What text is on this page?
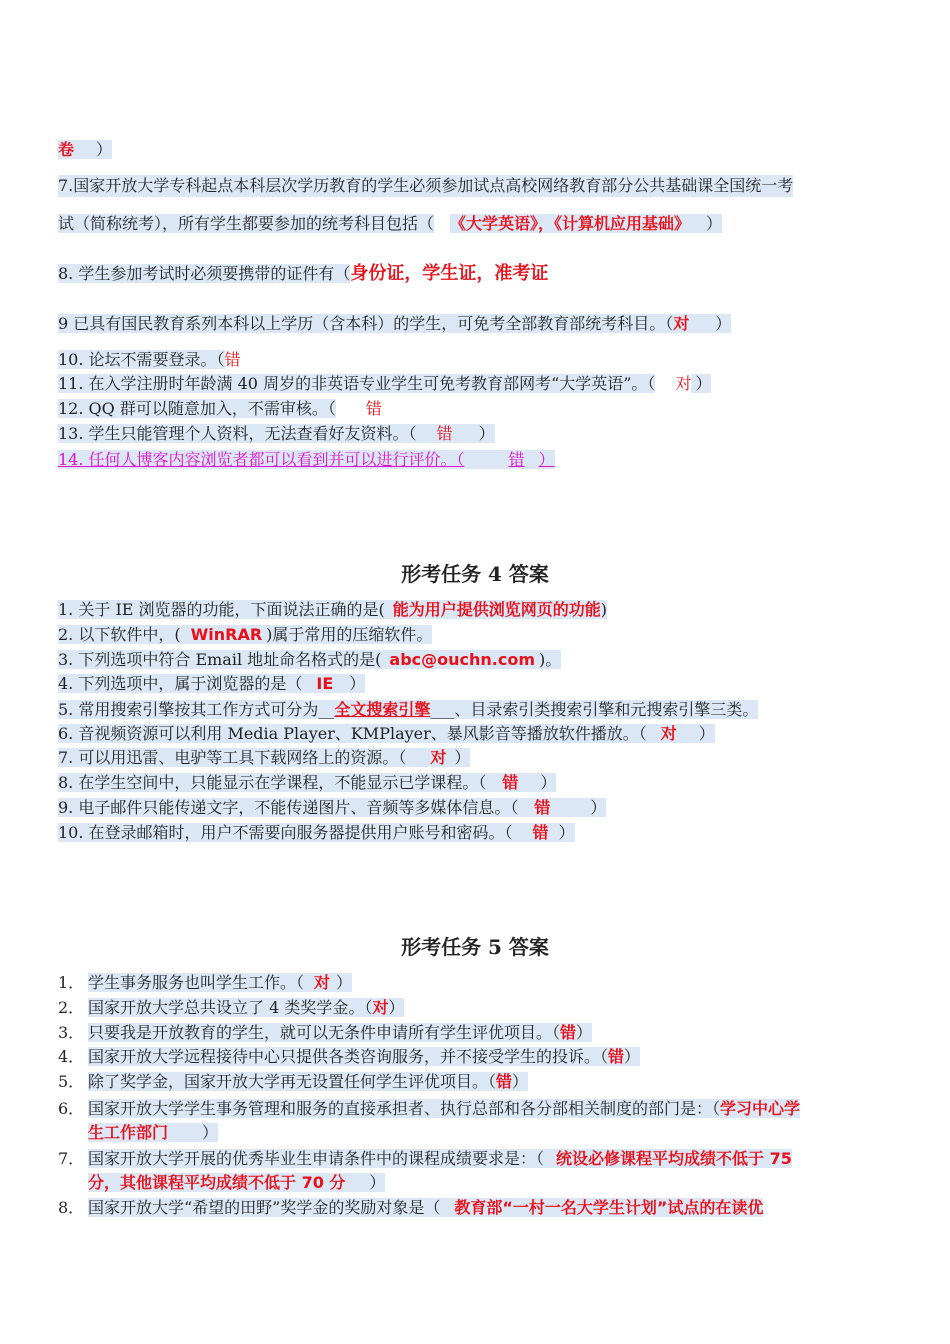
卷 ）
7.国家开放大学专科起点本科层次学历教育的学生必须参加试点高校网络教育部分公共基础课全国统一考
试（简称统考），所有学生都要参加的统考科目包括（ 《大学英语》，《计算机应用基础》 ）
8. 学生参加考试时必须要携带的证件有（身份证，学生证，准考证
9 已具有国民教育系列本科以上学历（含本科）的学生，可免考全部教育部统考科目。（对 ）
10. 论坛不需要登录。（错
11. 在入学注册时年龄满 40 周岁的非英语专业学生可免考教育部网考“大学英语”。（ 对 ）
12. QQ 群可以随意加入，不需审核。（ 错
13. 学生只能管理个人资料，无法查看好友资料。（ 错 ）
14. 任何人博客内容浏览者都可以看到并可以进行评价。（	错 ）
形考任务 4 答案
1. 关于 IE 浏览器的功能，下面说法正确的是( 能为用户提供浏览网页的功能)
2. 以下软件中，( WinRAR )属于常用的压缩软件。
3. 下列选项中符合 Email 地址命名格式的是( abc@ouchn.com )。
4. 下列选项中，属于浏览器的是（ IE ）
5. 常用搜索引擎按其工作方式可分为__全文搜索引擎___、目录索引类搜索引擎和元搜索引擎三类。
6. 音视频资源可以利用 Media Player、KMPlayer、暴风影音等播放软件播放。（ 对 ）
7. 可以用迅雷、电驴等工具下载网络上的资源。（ 对 ）
8. 在学生空间中，只能显示在学课程，不能显示已学课程。（ 错 ）
9. 电子邮件只能传递文字，不能传递图片、音频等多媒体信息。（ 错	）
10. 在登录邮箱时，用户不需要向服务器提供用户账号和密码。（ 错 ）
形考任务 5 答案
1． 学生事务服务也叫学生工作。（ 对 ）
2． 国家开放大学总共设立了 4 类奖学金。（对）
3． 只要我是开放教育的学生，就可以无条件申请所有学生评优项目。（错）
4． 国家开放大学远程接待中心只提供各类咨询服务，并不接受学生的投诉。（错）
5． 除了奖学金，国家开放大学再无设置任何学生评优项目。（错）
6． 国家开放大学学生事务管理和服务的直接承担者、执行总部和各分部相关制度的部门是：（学习中心学
生工作部门 ）
7． 国家开放大学开展的优秀毕业生申请条件中的课程成绩要求是：（ 统设必修课程平均成绩不低于 75
分，其他课程平均成绩不低于 70 分 ）
8． 国家开放大学“希望的田野”奖学金的奖励对象是（ 教育部“一村一名大学生计划”试点的在读优
